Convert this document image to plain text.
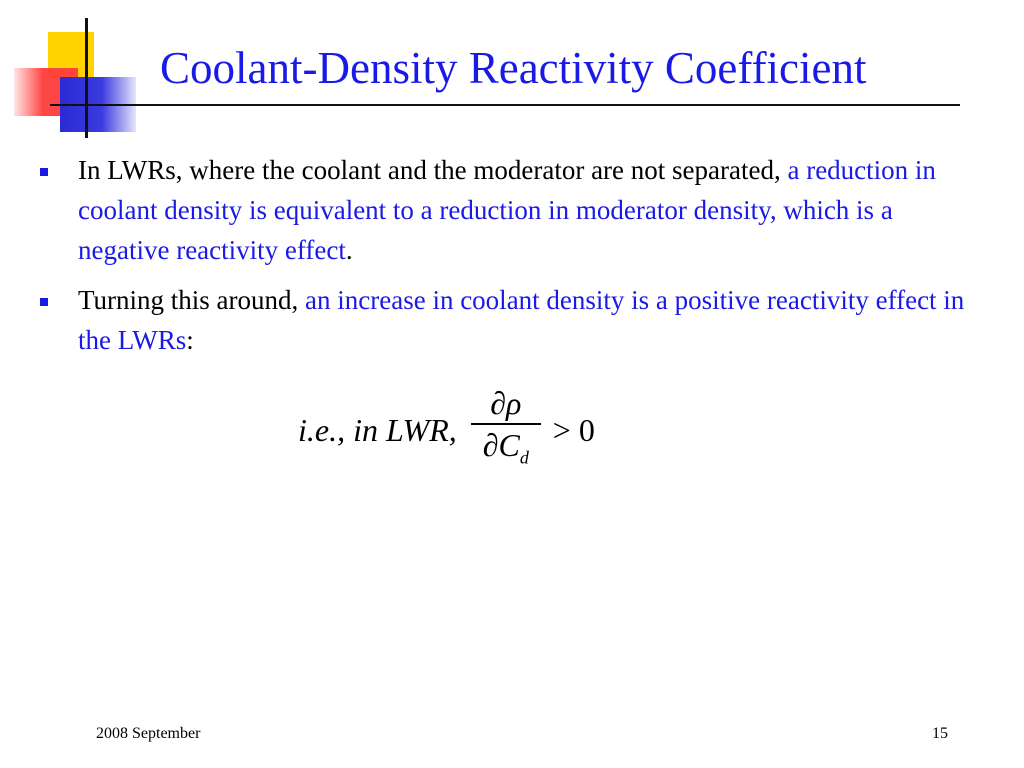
Coolant-Density Reactivity Coefficient
In LWRs, where the coolant and the moderator are not separated, a reduction in coolant density is equivalent to a reduction in moderator density, which is a negative reactivity effect.
Turning this around, an increase in coolant density is a positive reactivity effect in the LWRs:
i.e., in LWR, $\frac{\partial\rho}{\partial C_d} > 0$
2008 September	15
